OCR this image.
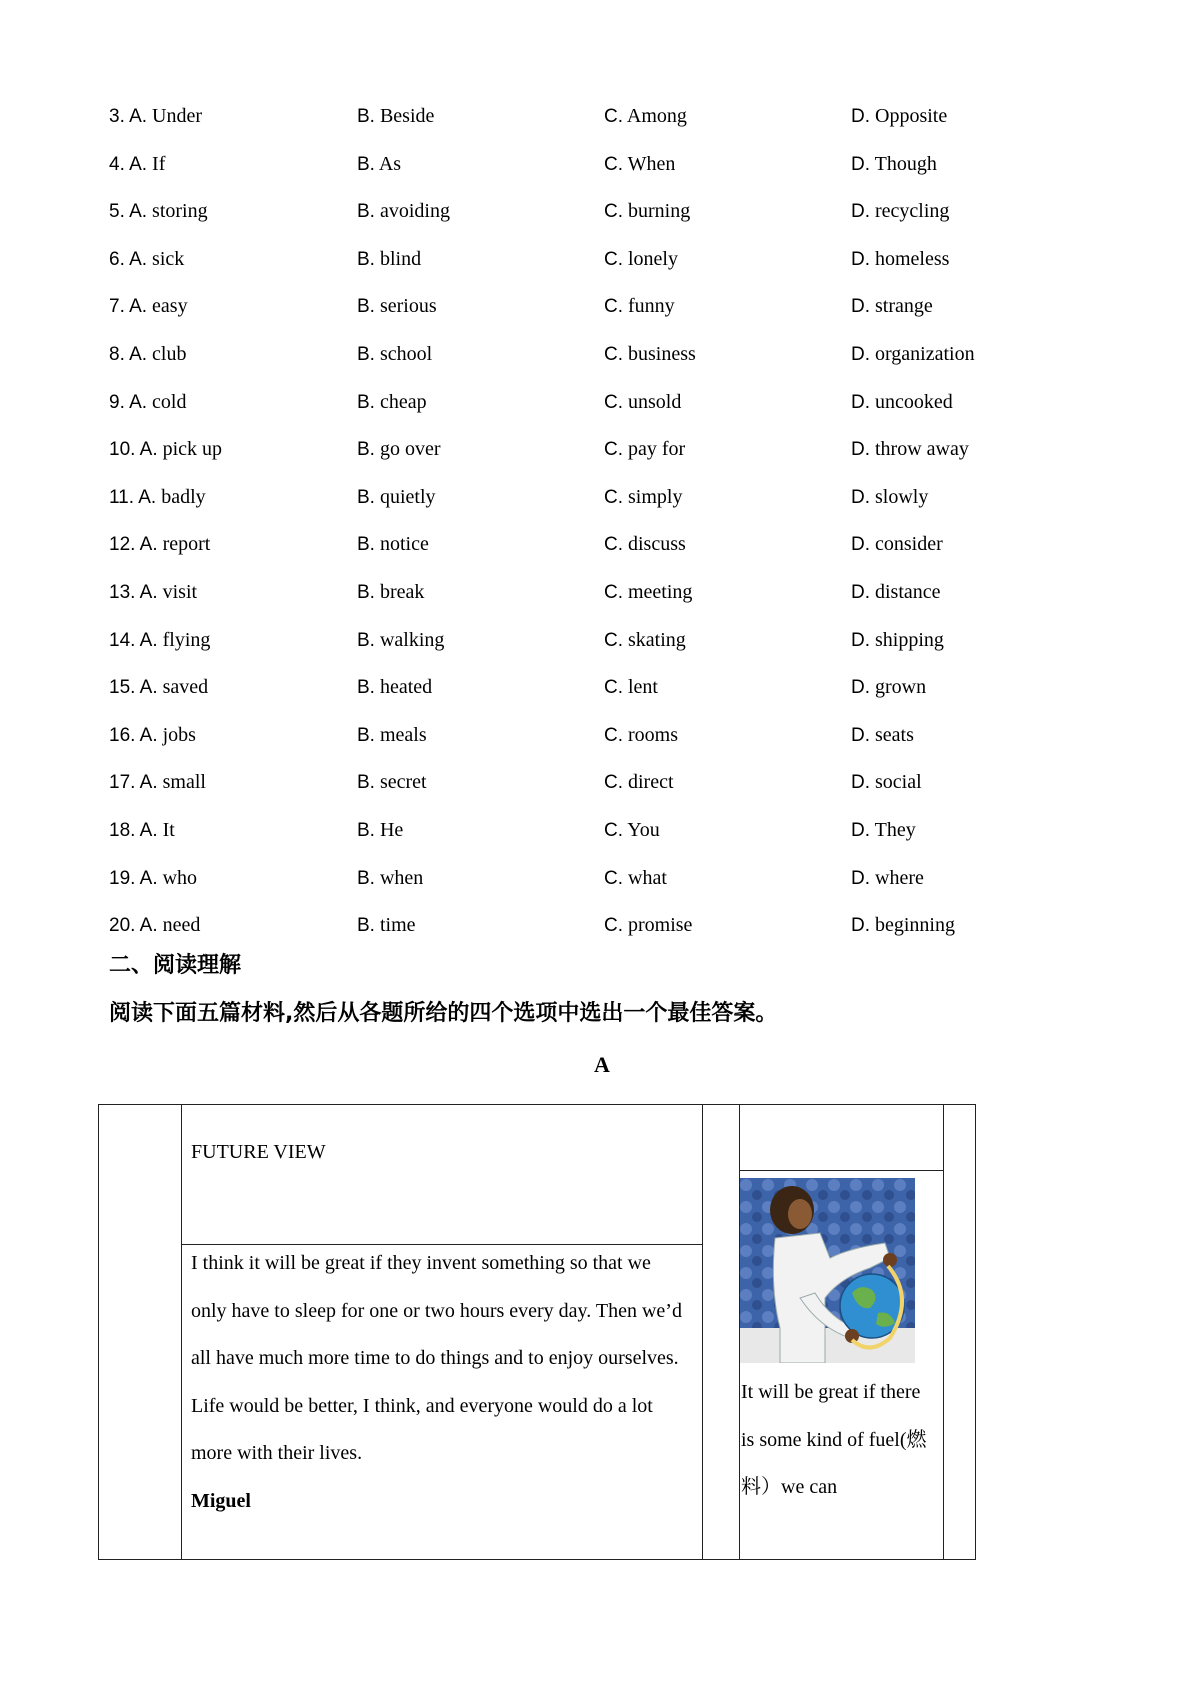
3. A. Under	B. Beside	C. Among	D. Opposite
4. A. If	B. As	C. When	D. Though
5. A. storing	B. avoiding	C. burning	D. recycling
6. A. sick	B. blind	C. lonely	D. homeless
7. A. easy	B. serious	C. funny	D. strange
8. A. club	B. school	C. business	D. organization
9. A. cold	B. cheap	C. unsold	D. uncooked
10. A. pick up	B. go over	C. pay for	D. throw away
11. A. badly	B. quietly	C. simply	D. slowly
12. A. report	B. notice	C. discuss	D. consider
13. A. visit	B. break	C. meeting	D. distance
14. A. flying	B. walking	C. skating	D. shipping
15. A. saved	B. heated	C. lent	D. grown
16. A. jobs	B. meals	C. rooms	D. seats
17. A. small	B. secret	C. direct	D. social
18. A. It	B. He	C. You	D. They
19. A. who	B. when	C. what	D. where
20. A. need	B. time	C. promise	D. beginning
二、阅读理解
阅读下面五篇材料,然后从各题所给的四个选项中选出一个最佳答案。
A
FUTURE VIEW

I think it will be great if they invent something so that we only have to sleep for one or two hours every day. Then we’d all have much more time to do things and to enjoy ourselves. Life would be better, I think, and everyone would do a lot more with their lives.

Miguel

It will be great if there is some kind of fuel(燃料）we can
